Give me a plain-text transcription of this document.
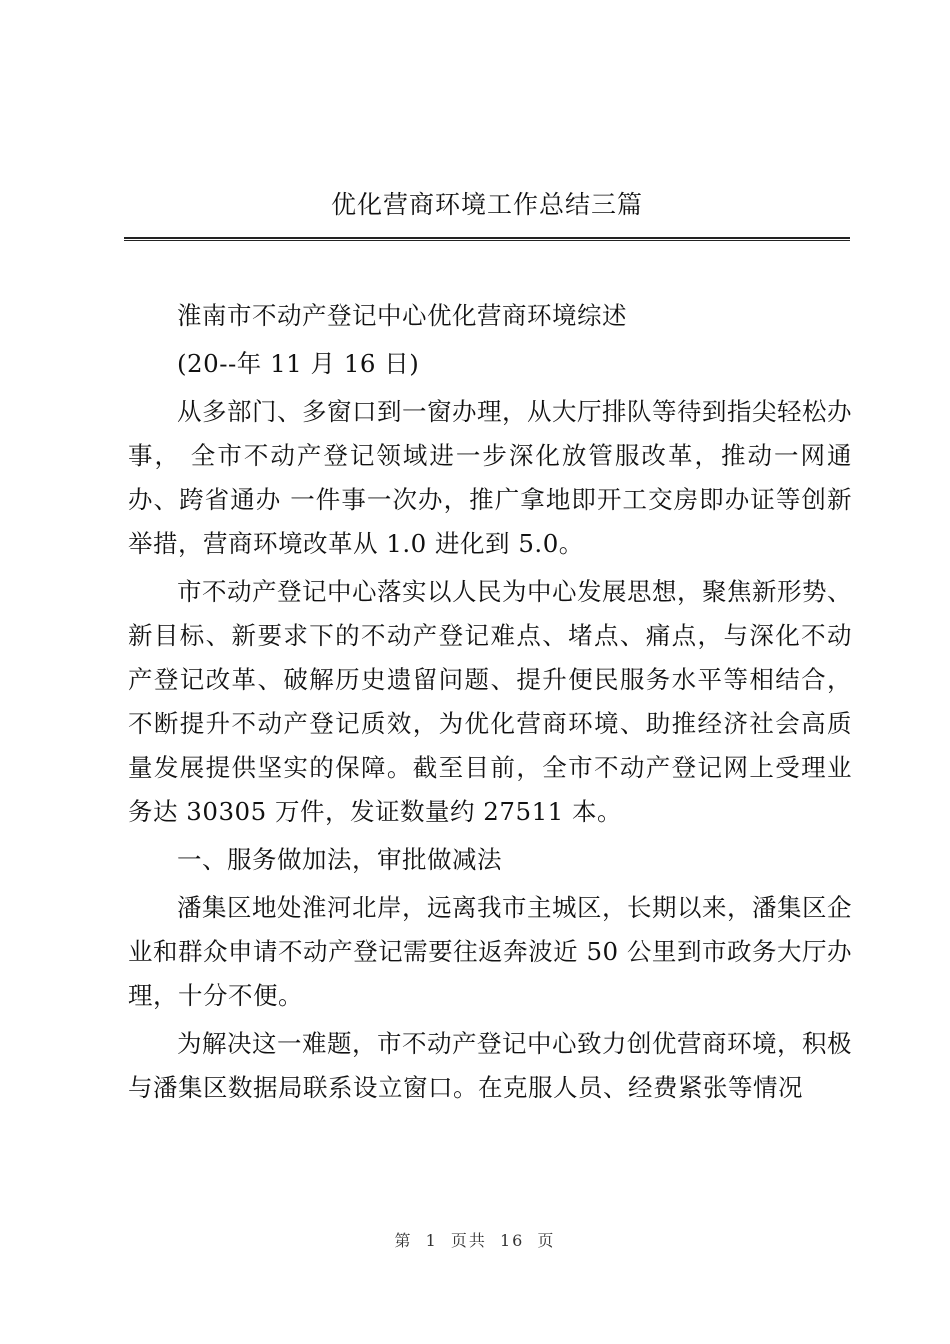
优化营商环境工作总结三篇

淮南市不动产登记中心优化营商环境综述

(20--年 11 月 16 日)

从多部门、多窗口到一窗办理，从大厅排队等待到指尖轻松办事， 全市不动产登记领域进一步深化放管服改革，推动一网通办、跨省通办 一件事一次办，推广拿地即开工交房即办证等创新举措，营商环境改革从 1.0 进化到 5.0。

市不动产登记中心落实以人民为中心发展思想，聚焦新形势、新目标、新要求下的不动产登记难点、堵点、痛点，与深化不动产登记改革、破解历史遗留问题、提升便民服务水平等相结合，不断提升不动产登记质效，为优化营商环境、助推经济社会高质量发展提供坚实的保障。截至目前，全市不动产登记网上受理业务达 30305 万件，发证数量约 27511 本。

一、服务做加法，审批做减法

潘集区地处淮河北岸，远离我市主城区，长期以来，潘集区企业和群众申请不动产登记需要往返奔波近 50 公里到市政务大厅办理，十分不便。

为解决这一难题，市不动产登记中心致力创优营商环境，积极与潘集区数据局联系设立窗口。在克服人员、经费紧张等情况

第 1 页共 16 页
